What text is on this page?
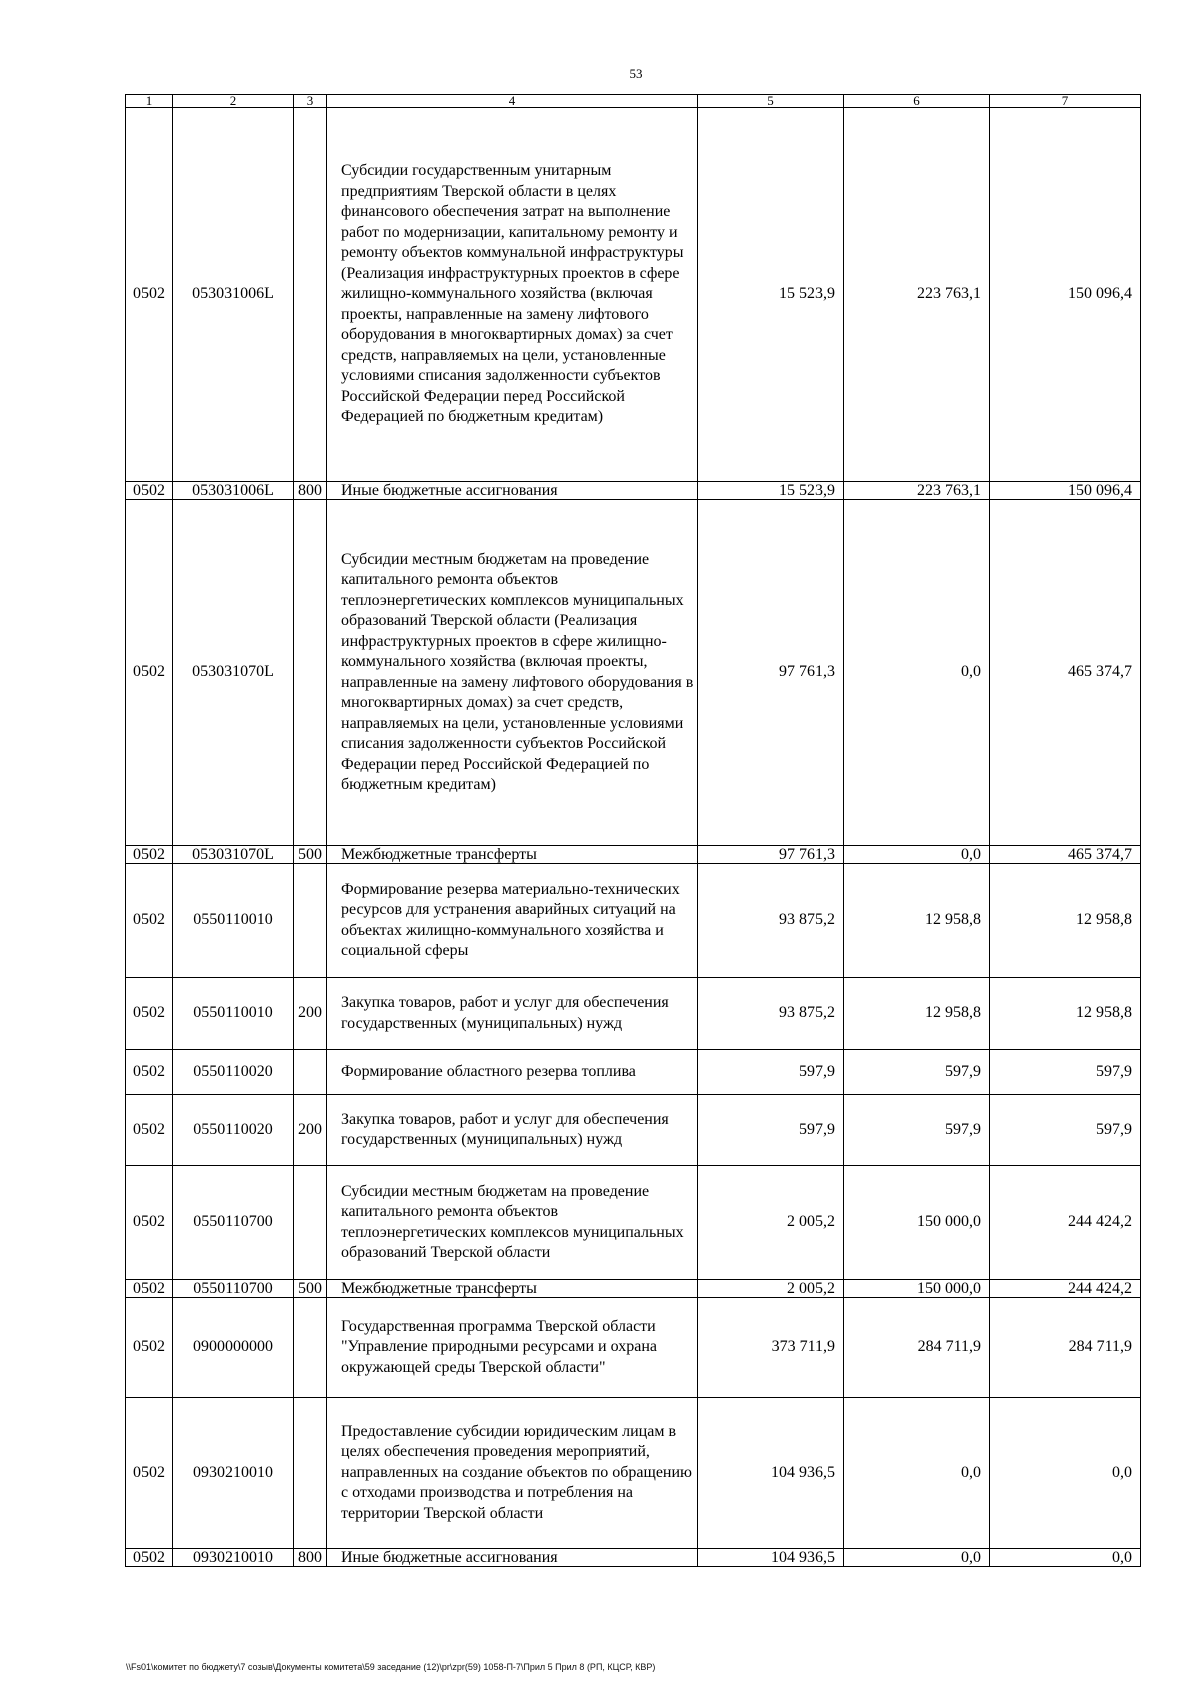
53
1	2	3	4	5	6	7
0502	053031006L		Субсидии государственным унитарным предприятиям Тверской области в целях финансового обеспечения затрат на выполнение работ по модернизации, капитальному ремонту и ремонту объектов коммунальной инфраструктуры (Реализация инфраструктурных проектов в сфере жилищно-коммунального хозяйства (включая проекты, направленные на замену лифтового оборудования в многоквартирных домах) за счет средств, направляемых на цели, установленные условиями списания задолженности субъектов Российской Федерации перед Российской Федерацией по бюджетным кредитам)	15 523,9	223 763,1	150 096,4
0502	053031006L	800	Иные бюджетные ассигнования	15 523,9	223 763,1	150 096,4
0502	053031070L		Субсидии местным бюджетам на проведение капитального ремонта объектов теплоэнергетических комплексов муниципальных образований Тверской области (Реализация инфраструктурных проектов в сфере жилищно-коммунального хозяйства (включая проекты, направленные на замену лифтового оборудования в многоквартирных домах) за счет средств, направляемых на цели, установленные условиями списания задолженности субъектов Российской Федерации перед Российской Федерацией по бюджетным кредитам)	97 761,3	0,0	465 374,7
0502	053031070L	500	Межбюджетные трансферты	97 761,3	0,0	465 374,7
0502	0550110010		Формирование резерва материально-технических ресурсов для устранения аварийных ситуаций на объектах жилищно-коммунального хозяйства и социальной сферы	93 875,2	12 958,8	12 958,8
0502	0550110010	200	Закупка товаров, работ и услуг для обеспечения государственных (муниципальных) нужд	93 875,2	12 958,8	12 958,8
0502	0550110020		Формирование областного резерва топлива	597,9	597,9	597,9
0502	0550110020	200	Закупка товаров, работ и услуг для обеспечения государственных (муниципальных) нужд	597,9	597,9	597,9
0502	0550110700		Субсидии местным бюджетам на проведение капитального ремонта объектов теплоэнергетических комплексов муниципальных образований Тверской области	2 005,2	150 000,0	244 424,2
0502	0550110700	500	Межбюджетные трансферты	2 005,2	150 000,0	244 424,2
0502	0900000000		Государственная программа Тверской области "Управление природными ресурсами и охрана окружающей среды Тверской области"	373 711,9	284 711,9	284 711,9
0502	0930210010		Предоставление субсидии юридическим лицам в целях обеспечения проведения мероприятий, направленных на создание объектов по обращению с отходами производства и потребления на территории Тверской области	104 936,5	0,0	0,0
0502	0930210010	800	Иные бюджетные ассигнования	104 936,5	0,0	0,0
\\Fs01\комитет по бюджету\7 созыв\Документы комитета\59 заседание (12)\pr\zpr(59) 1058-П-7\Прил 5 Прил 8 (РП, КЦСР, КВР)
